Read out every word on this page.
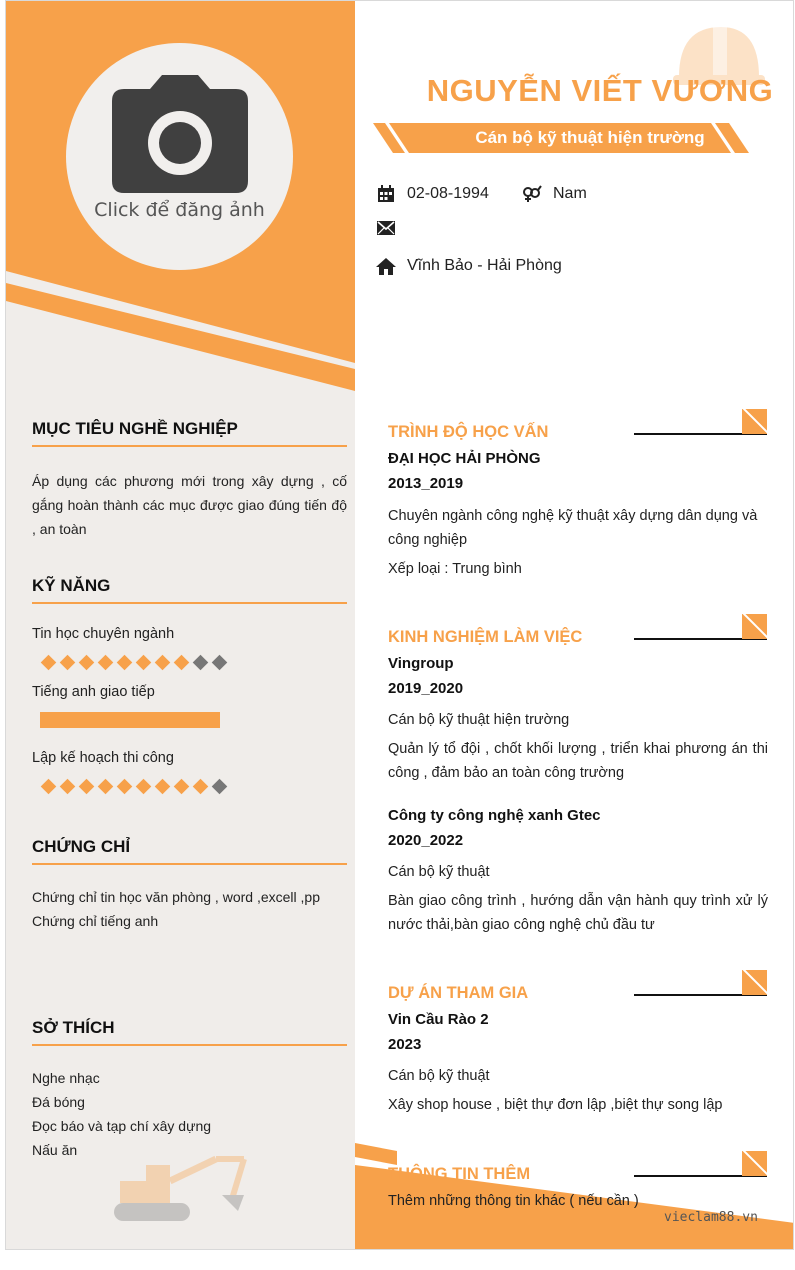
Click để đăng ảnh
MỤC TIÊU NGHỀ NGHIỆP
Áp dụng các phương mới trong xây dựng , cố gắng hoàn thành các mục được giao đúng tiến độ , an toàn
KỸ NĂNG
Tin học chuyên ngành
Tiếng anh giao tiếp
Lập kế hoạch thi công
CHỨNG CHỈ
Chứng chỉ tin học văn phòng , word ,excell ,pp
Chứng chỉ tiếng anh
SỞ THÍCH
Nghe nhạc
Đá bóng
Đọc báo và tạp chí xây dựng
Nấu ăn
NGUYỄN VIẾT VƯƠNG
Cán bộ kỹ thuật hiện trường
02-08-1994	Nam
Vĩnh Bảo - Hải Phòng
TRÌNH ĐỘ HỌC VẤN
ĐẠI HỌC HẢI PHÒNG
2013_2019
Chuyên ngành công nghệ kỹ thuật xây dựng dân dụng và công nghiệp
Xếp loại : Trung bình
KINH NGHIỆM LÀM VIỆC
Vingroup
2019_2020
Cán bộ kỹ thuật hiện trường
Quản lý tổ đội , chốt khối lượng , triển khai phương án thi công , đảm bảo an toàn công trường
Công ty công nghệ xanh Gtec
2020_2022
Cán bộ kỹ thuật
Bàn giao công trình , hướng dẫn vận hành quy trình xử lý nước thải,bàn giao công nghệ chủ đầu tư
DỰ ÁN THAM GIA
Vin Cầu Rào 2
2023
Cán bộ kỹ thuật
Xây shop house , biệt thự đơn lập ,biệt thự song lập
THÔNG TIN THÊM
Thêm những thông tin khác ( nếu cần )
vieclam88.vn
